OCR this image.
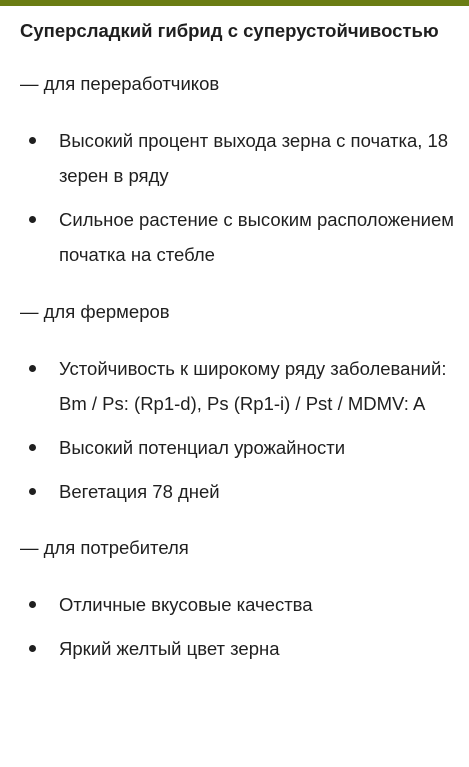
Суперсладкий гибрид с суперустойчивостью

— для переработчиков

Высокий процент выхода зерна с початка, 18 зерен в ряду
Сильное растение с высоким расположением початка на стебле

— для фермеров

Устойчивость к широкому ряду заболеваний: Bm / Ps: (Rp1-d), Ps (Rp1-i) / Pst / MDMV: A
Высокий потенциал урожайности
Вегетация 78 дней

— для потребителя

Отличные вкусовые качества
Яркий желтый цвет зерна
